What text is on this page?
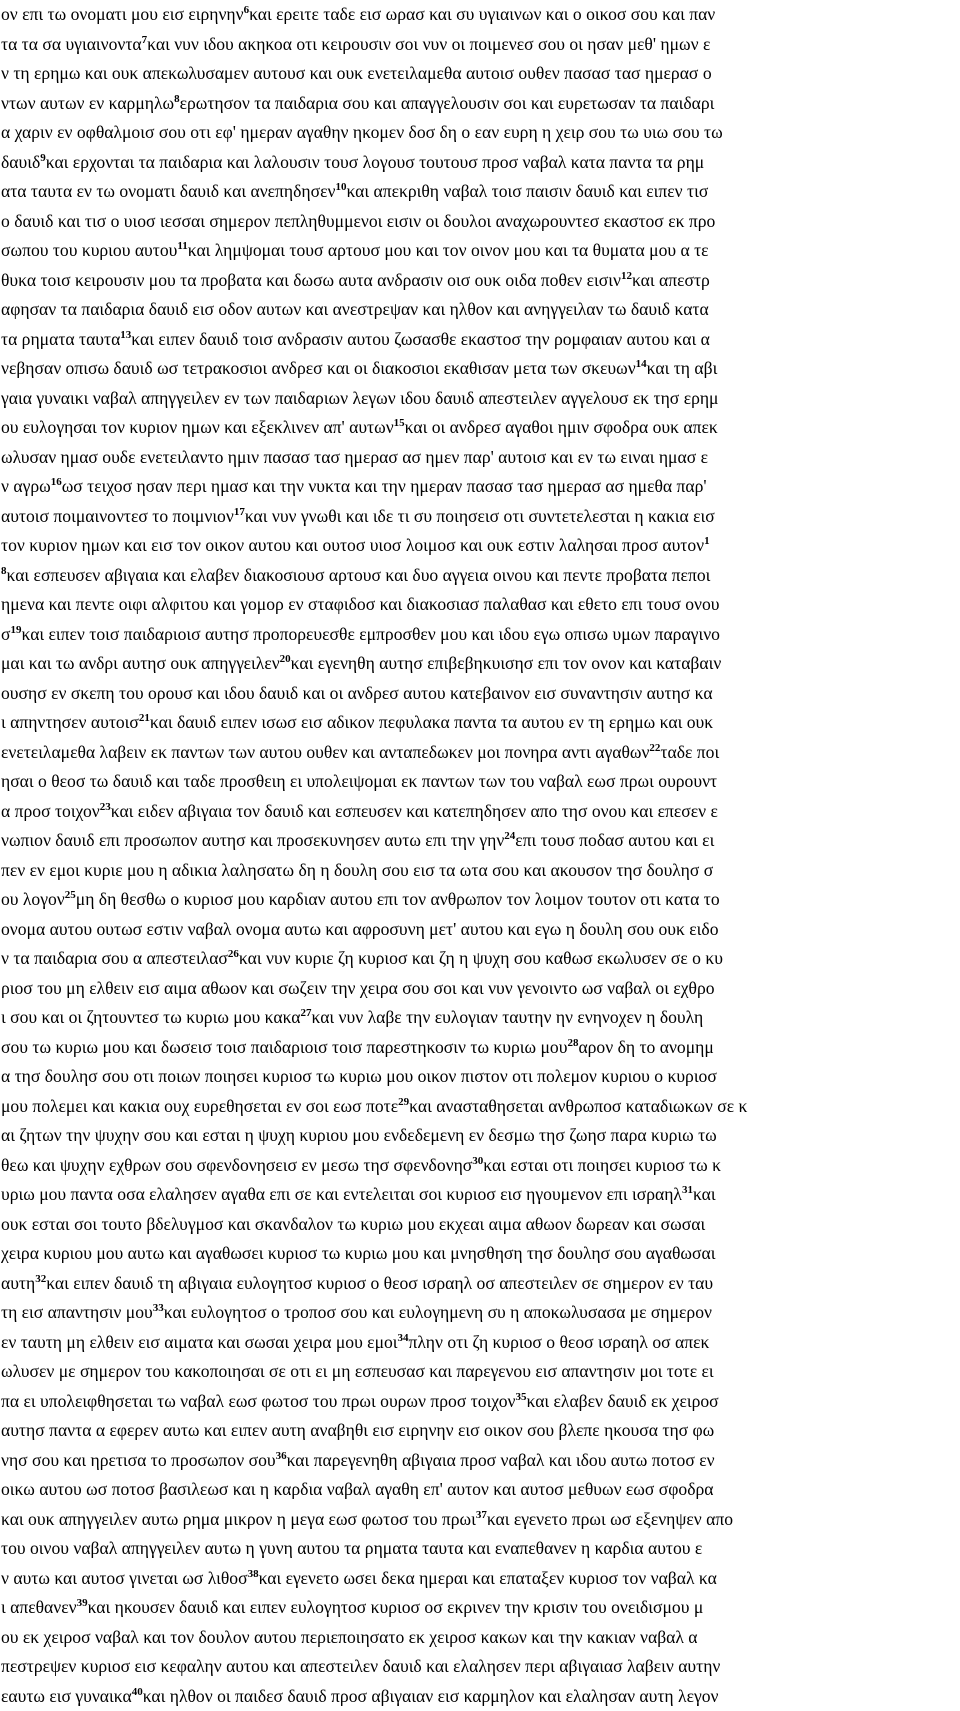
ον επι τω ονοματι μου εισ ειρηνην$^6$και ερειτε ταδε εισ ωρασ και συ υγιαινων και ο οικοσ σου και παν
τα τα σα υγιαινοντα$^7$και νυν ιδου ακηκοα οτι κειρουσιν σοι νυν οι ποιμενεσ σου οι ησαν μεθ' ημων ε
ν τη ερημω και ουκ απεκωλυσαμεν αυτουσ και ουκ ενετειλαμεθα αυτοισ ουθεν πασασ τασ ημερασ ο
ντων αυτων εν καρμηλω$^8$ερωτησον τα παιδαρια σου και απαγγελουσιν σοι και ευρετωσαν τα παιδαρι
α χαριν εν οφθαλμοισ σου οτι εφ' ημεραν αγαθην ηκομεν δοσ δη ο εαν ευρη η χειρ σου τω υιω σου τω
δαυιδ$^9$και ερχονται τα παιδαρια και λαλουσιν τουσ λογουσ τουτουσ προσ ναβαλ κατα παντα τα ρημ
ατα ταυτα εν τω ονοματι δαυιδ και ανεπηδησεν$^{10}$και απεκριθη ναβαλ τοισ παισιν δαυιδ και ειπεν τισ
ο δαυιδ και τισ ο υιοσ ιεσσαι σημερον πεπληθυμμενοι εισιν οι δουλοι αναχωρουντεσ εκαστοσ εκ προ
σωπου του κυριου αυτου$^{11}$και λημψομαι τουσ αρτουσ μου και τον οινον μου και τα θυματα μου α τε
θυκα τοισ κειρουσιν μου τα προβατα και δωσω αυτα ανδρασιν οισ ουκ οιδα ποθεν εισιν$^{12}$και απεστρ
αφησαν τα παιδαρια δαυιδ εισ οδον αυτων και ανεστρεψαν και ηλθον και ανηγγειλαν τω δαυιδ κατα
τα ρηματα ταυτα$^{13}$και ειπεν δαυιδ τοισ ανδρασιν αυτου ζωσασθε εκαστοσ την ρομφαιαν αυτου και α
νεβησαν οπισω δαυιδ ωσ τετρακοσιοι ανδρεσ και οι διακοσιοι εκαθισαν μετα των σκευων$^{14}$και τη αβι
γαια γυναικι ναβαλ απηγγειλεν εν των παιδαριων λεγων ιδου δαυιδ απεστειλεν αγγελουσ εκ τησ ερημ
ου ευλογησαι τον κυριον ημων και εξεκλινεν απ' αυτων$^{15}$και οι ανδρεσ αγαθοι ημιν σφοδρα ουκ απεκ
ωλυσαν ημασ ουδε ενετειλαντο ημιν πασασ τασ ημερασ ασ ημεν παρ' αυτοισ και εν τω ειναι ημασ ε
ν αγρω$^{16}$ωσ τειχοσ ησαν περι ημασ και την νυκτα και την ημεραν πασασ τασ ημερασ ασ ημεθα παρ'
αυτοισ ποιμαινοντεσ το ποιμνιον$^{17}$και νυν γνωθι και ιδε τι συ ποιησεισ οτι συντετελεσται η κακια εισ
τον κυριον ημων και εισ τον οικον αυτου και ουτοσ υιοσ λοιμοσ και ουκ εστιν λαλησαι προσ αυτον$^1$
$^8$και εσπευσεν αβιγαια και ελαβεν διακοσιουσ αρτουσ και δυο αγγεια οινου και πεντε προβατα πεποι
ημενα και πεντε οιφι αλφιτου και γομορ εν σταφιδοσ και διακοσιασ παλαθασ και εθετο επι τουσ ονου
$\sigma^{19}\kappa\alpha\iota$ ειπεν τοισ παιδαριοισ αυτησ προπορευεσθε εμπροσθεν μου και ιδου εγω οπισω υμων παραγινο
μαι και τω ανδρι αυτησ ουκ απηγγειλεν$^{20}$και εγενηθη αυτησ επιβεβηκυισησ επι τον ονον και καταβαιν
ουσησ εν σκεπη του ορουσ και ιδου δαυιδ και οι ανδρεσ αυτου κατεβαινον εισ συναντησιν αυτησ κα
ι απηντησεν αυτοισ$^{21}$και δαυιδ ειπεν ισωσ εισ αδικον πεφυλακα παντα τα αυτου εν τη ερημω και ουκ
ενετειλαμεθα λαβειν εκ παντων των αυτου ουθεν και ανταπεδωκεν μοι πονηρα αντι αγαθων$^{22}$ταδε ποι
ησαι ο θεοσ τω δαυιδ και ταδε προσθειη ει υπολειψομαι εκ παντων των του ναβαλ εωσ πρωι ουρουντ
α προσ τοιχον$^{23}$και ειδεν αβιγαια τον δαυιδ και εσπευσεν και κατεπηδησεν απο τησ ονου και επεσεν ε
νωπιον δαυιδ επι προσωπον αυτησ και προσεκυνησεν αυτω επι την γην$^{24}$επι τουσ ποδασ αυτου και ει
πεν εν εμοι κυριε μου η αδικια λαλησατω δη η δουλη σου εισ τα ωτα σου και ακουσον τησ δουλησ σ
ου λογον$^{25}$μη δη θεσθω ο κυριοσ μου καρδιαν αυτου επι τον ανθρωπον τον λοιμον τουτον οτι κατα το
ονομα αυτου ουτωσ εστιν ναβαλ ονομα αυτω και αφροσυνη μετ' αυτου και εγω η δουλη σου ουκ ειδο
ν τα παιδαρια σου α απεστειλασ$^{26}$και νυν κυριε ζη κυριοσ και ζη η ψυχη σου καθωσ εκωλυσεν σε ο κυ
ριοσ του μη ελθειν εισ αιμα αθωον και σωζειν την χειρα σου σοι και νυν γενοιντο ωσ ναβαλ οι εχθρο
ι σου και οι ζητουντεσ τω κυριω μου κακα$^{27}$και νυν λαβε την ευλογιαν ταυτην ην ενηνοχεν η δουλη
σου τω κυριω μου και δωσεισ τοισ παιδαριοισ τοισ παρεστηκοσιν τω κυριω μου$^{28}$αρον δη το ανομημ
α τησ δουλησ σου οτι ποιων ποιησει κυριοσ τω κυριω μου οικον πιστον οτι πολεμον κυριου ο κυριοσ
μου πολεμει και κακια ουχ ευρεθησεται εν σοι εωσ ποτε$^{29}$και ανασταθησεται ανθρωποσ καταδιωκων σε κ
αι ζητων την ψυχην σου και εσται η ψυχη κυριου μου ενδεδεμενη εν δεσμω τησ ζωησ παρα κυριω τω
θεω και ψυχην εχθρων σου σφενδονησεισ εν μεσω τησ σφενδονησ$^{30}$και εσται οτι ποιησει κυριοσ τω κ
υριω μου παντα οσα ελαλησεν αγαθα επι σε και εντελειται σοι κυριοσ εισ ηγουμενον επι ισραηλ$^{31}$και
ουκ εσται σοι τουτο βδελυγμοσ και σκανδαλον τω κυριω μου εκχεαι αιμα αθωον δωρεαν και σωσαι
χειρα κυριου μου αυτω και αγαθωσει κυριοσ τω κυριω μου και μνησθηση τησ δουλησ σου αγαθωσαι
αυτη$^{32}$και ειπεν δαυιδ τη αβιγαια ευλογητοσ κυριοσ ο θεοσ ισραηλ οσ απεστειλεν σε σημερον εν ταυ
τη εισ απαντησιν μου$^{33}$και ευλογητοσ ο τροποσ σου και ευλογημενη συ η αποκωλυσασα με σημερον
εν ταυτη μη ελθειν εισ αιματα και σωσαι χειρα μου εμοι$^{34}$πλην οτι ζη κυριοσ ο θεοσ ισραηλ οσ απεκ
ωλυσεν με σημερον του κακοποιησαι σε οτι ει μη εσπευσασ και παρεγενου εισ απαντησιν μοι τοτε ει
πα ει υπολειφθησεται τω ναβαλ εωσ φωτοσ του πρωι ουρων προσ τοιχον$^{35}$και ελαβεν δαυιδ εκ χειροσ
αυτησ παντα α εφερεν αυτω και ειπεν αυτη αναβηθι εισ ειρηνην εισ οικον σου βλεπε ηκουσα τησ φω
νησ σου και ηρετισα το προσωπον σου$^{36}$και παρεγενηθη αβιγαια προσ ναβαλ και ιδου αυτω ποτοσ εν
οικω αυτου ωσ ποτοσ βασιλεωσ και η καρδια ναβαλ αγαθη επ' αυτον και αυτοσ μεθυων εωσ σφοδρα
και ουκ απηγγειλεν αυτω ρημα μικρον η μεγα εωσ φωτοσ του πρωι$^{37}$και εγενετο πρωι ωσ εξενηψεν απο
του οινου ναβαλ απηγγειλεν αυτω η γυνη αυτου τα ρηματα ταυτα και εναπεθανεν η καρδια αυτου ε
ν αυτω και αυτοσ γινεται ωσ λιθοσ$^{38}$και εγενετο ωσει δεκα ημεραι και επαταξεν κυριοσ τον ναβαλ κα
ι απεθανεν$^{39}$και ηκουσεν δαυιδ και ειπεν ευλογητοσ κυριοσ οσ εκρινεν την κρισιν του ονειδισμου μ
ου εκ χειροσ ναβαλ και τον δουλον αυτου περιεποιησατο εκ χειροσ κακων και την κακιαν ναβαλ α
πεστρεψεν κυριοσ εισ κεφαλην αυτου και απεστειλεν δαυιδ και ελαλησεν περι αβιγαιασ λαβειν αυτην
εαυτω εισ γυναικα$^{40}$και ηλθον οι παιδεσ δαυιδ προσ αβιγαιαν εισ καρμηλον και ελαλησαν αυτη λεγον
